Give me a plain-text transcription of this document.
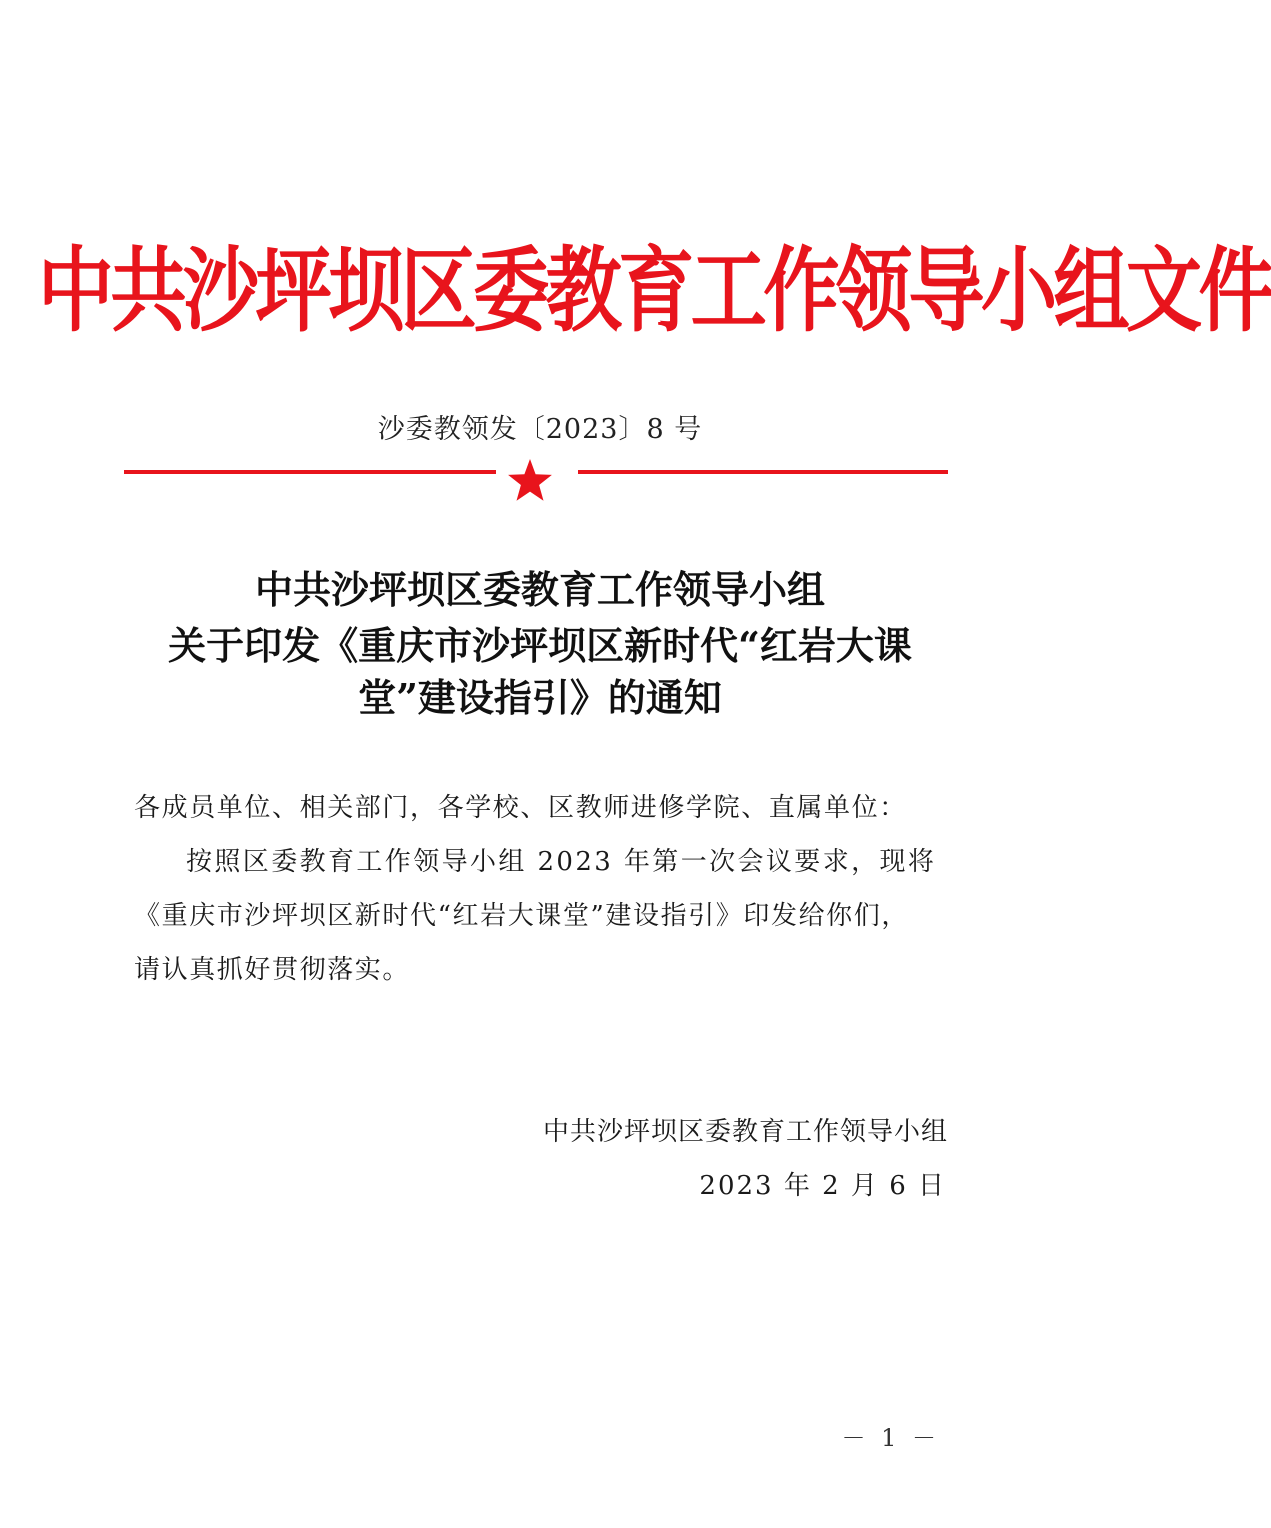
中共沙坪坝区委教育工作领导小组文件
沙委教领发〔2023〕8 号
中共沙坪坝区委教育工作领导小组
关于印发《重庆市沙坪坝区新时代“红岩大课
堂”建设指引》的通知
各成员单位、相关部门，各学校、区教师进修学院、直属单位：
按照区委教育工作领导小组 2023 年第一次会议要求，现将
《重庆市沙坪坝区新时代“红岩大课堂”建设指引》印发给你们，
请认真抓好贯彻落实。
中共沙坪坝区委教育工作领导小组
2023 年 2 月 6 日
－ 1 －
